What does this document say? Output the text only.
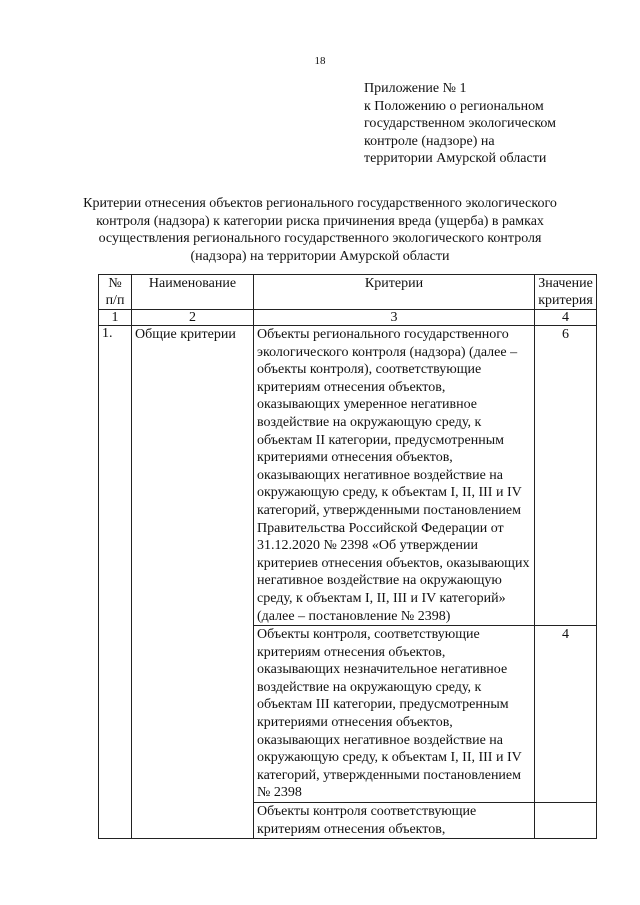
18
Приложение № 1
к Положению о региональном
государственном экологическом
контроле (надзоре) на
территории Амурской области
Критерии отнесения объектов регионального государственного экологического контроля (надзора) к категории риска причинения вреда (ущерба) в рамках осуществления регионального государственного экологического контроля (надзора) на территории Амурской области
№ п/п	Наименование	Критерии	Значение критерия
1	2	3	4
1.	Общие критерии	Объекты регионального государственного экологического контроля (надзора) (далее – объекты контроля), соответствующие критериям отнесения объектов, оказывающих умеренное негативное воздействие на окружающую среду, к объектам II категории, предусмотренным критериями отнесения объектов, оказывающих негативное воздействие на окружающую среду, к объектам I, II, III и IV категорий, утвержденными постановлением Правительства Российской Федерации от 31.12.2020 № 2398 «Об утверждении критериев отнесения объектов, оказывающих негативное воздействие на окружающую среду, к объектам I, II, III и IV категорий» (далее – постановление № 2398)	6
		Объекты контроля, соответствующие критериям отнесения объектов, оказывающих незначительное негативное воздействие на окружающую среду, к объектам III категории, предусмотренным критериями отнесения объектов, оказывающих негативное воздействие на окружающую среду, к объектам I, II, III и IV категорий, утвержденными постановлением № 2398	4
		Объекты контроля соответствующие критериям отнесения объектов,	
